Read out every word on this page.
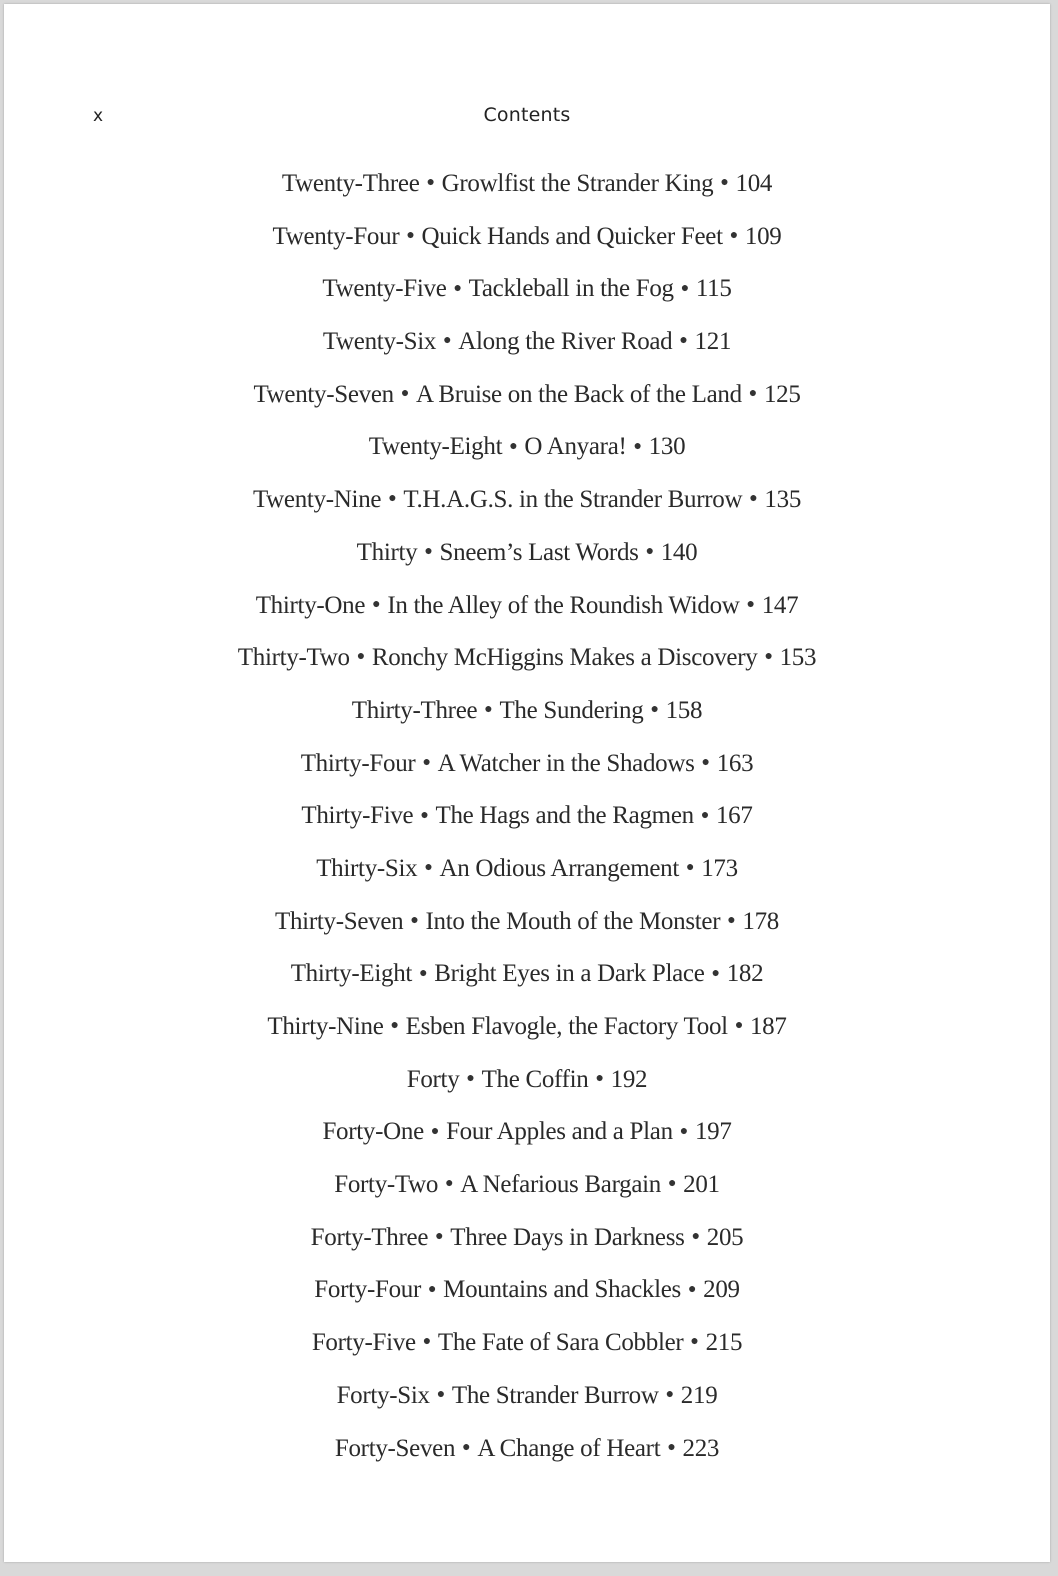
x	Contents
Twenty-Three ● Growlfist the Strander King ● 104
Twenty-Four ● Quick Hands and Quicker Feet ● 109
Twenty-Five ● Tackleball in the Fog ● 115
Twenty-Six ● Along the River Road ● 121
Twenty-Seven ● A Bruise on the Back of the Land ● 125
Twenty-Eight ● O Anyara! ● 130
Twenty-Nine ● T.H.A.G.S. in the Strander Burrow ● 135
Thirty ● Sneem’s Last Words ● 140
Thirty-One ● In the Alley of the Roundish Widow ● 147
Thirty-Two ● Ronchy McHiggins Makes a Discovery ● 153
Thirty-Three ● The Sundering ● 158
Thirty-Four ● A Watcher in the Shadows ● 163
Thirty-Five ● The Hags and the Ragmen ● 167
Thirty-Six ● An Odious Arrangement ● 173
Thirty-Seven ● Into the Mouth of the Monster ● 178
Thirty-Eight ● Bright Eyes in a Dark Place ● 182
Thirty-Nine ● Esben Flavogle, the Factory Tool ● 187
Forty ● The Coffin ● 192
Forty-One ● Four Apples and a Plan ● 197
Forty-Two ● A Nefarious Bargain ● 201
Forty-Three ● Three Days in Darkness ● 205
Forty-Four ● Mountains and Shackles ● 209
Forty-Five ● The Fate of Sara Cobbler ● 215
Forty-Six ● The Strander Burrow ● 219
Forty-Seven ● A Change of Heart ● 223
